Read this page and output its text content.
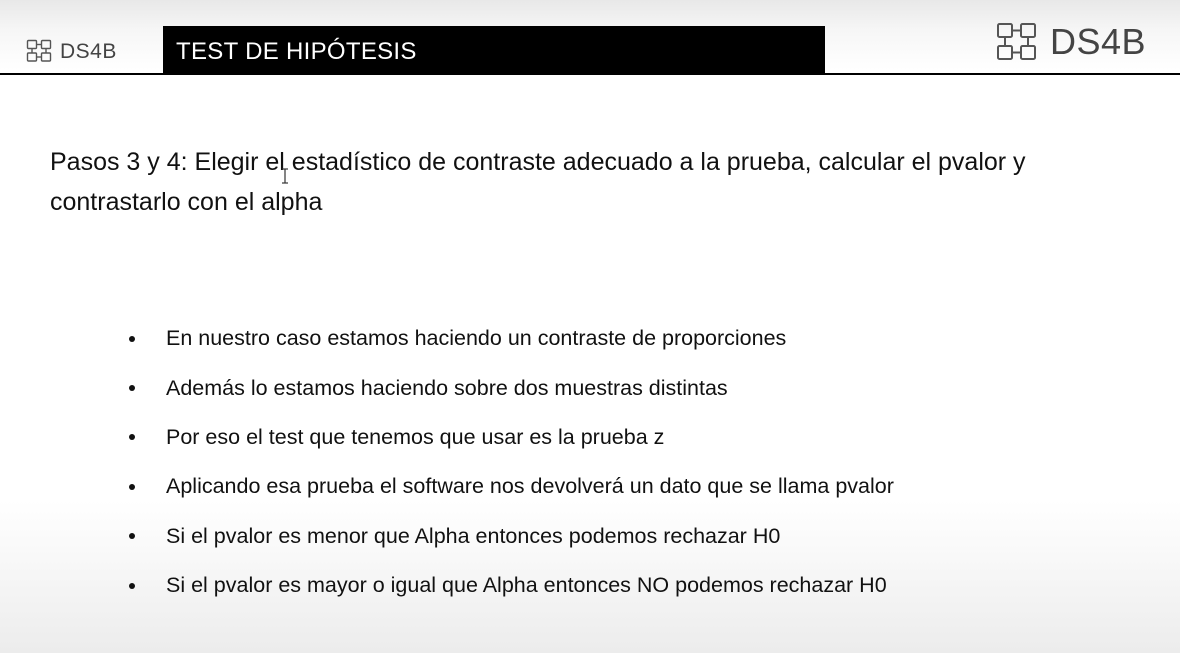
DS4B TEST DE HIPÓTESIS	DS4B
Pasos 3 y 4: Elegir el estadístico de contraste adecuado a la prueba, calcular el pvalor y contrastarlo con el alpha
En nuestro caso estamos haciendo un contraste de proporciones
Además lo estamos haciendo sobre dos muestras distintas
Por eso el test que tenemos que usar es la prueba z
Aplicando esa prueba el software nos devolverá un dato que se llama pvalor
Si el pvalor es menor que Alpha entonces podemos rechazar H0
Si el pvalor es mayor o igual que Alpha entonces NO podemos rechazar H0
